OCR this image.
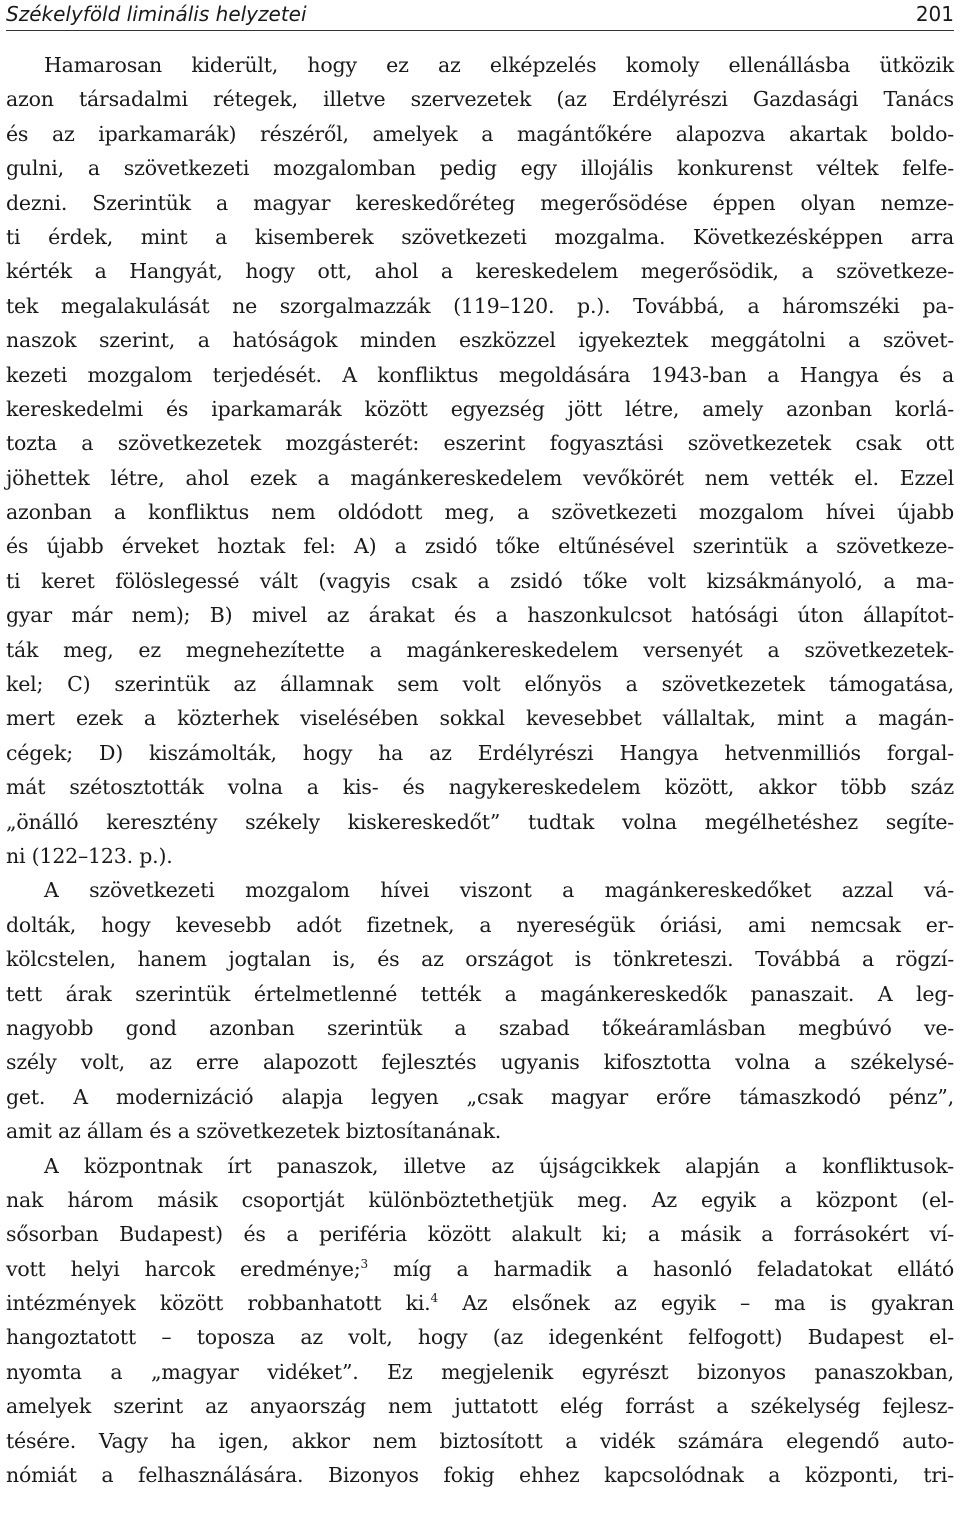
Székelyföld liminális helyzetei	201
Hamarosan kiderült, hogy ez az elképzelés komoly ellenállásba ütközik
azon társadalmi rétegek, illetve szervezetek (az Erdélyrészi Gazdasági Tanács
és az iparkamarák) részéről, amelyek a magántőkére alapozva akartak boldo-
gulni, a szövetkezeti mozgalomban pedig egy illojális konkurenst véltek felfe-
dezni. Szerintük a magyar kereskedőréteg megerősödése éppen olyan nemze-
ti érdek, mint a kisemberek szövetkezeti mozgalma. Következésképpen arra
kérték a Hangyát, hogy ott, ahol a kereskedelem megerősödik, a szövetkeze-
tek megalakulását ne szorgalmazzák (119–120. p.). Továbbá, a háromszéki pa-
naszok szerint, a hatóságok minden eszközzel igyekeztek meggátolni a szövet-
kezeti mozgalom terjedését. A konfliktus megoldására 1943-ban a Hangya és a
kereskedelmi és iparkamarák között egyezség jött létre, amely azonban korlá-
tozta a szövetkezetek mozgásterét: eszerint fogyasztási szövetkezetek csak ott
jöhettek létre, ahol ezek a magánkereskedelem vevőkörét nem vették el. Ezzel
azonban a konfliktus nem oldódott meg, a szövetkezeti mozgalom hívei újabb
és újabb érveket hoztak fel: A) a zsidó tőke eltűnésével szerintük a szövetkeze-
ti keret fölöslegessé vált (vagyis csak a zsidó tőke volt kizsákmányoló, a ma-
gyar már nem); B) mivel az árakat és a haszonkulcsot hatósági úton állapítot-
ták meg, ez megnehezítette a magánkereskedelem versenyét a szövetkezetek-
kel; C) szerintük az államnak sem volt előnyös a szövetkezetek támogatása,
mert ezek a közterhek viselésében sokkal kevesebbet vállaltak, mint a magán-
cégek; D) kiszámolták, hogy ha az Erdélyrészi Hangya hetvenmilliós forgal-
mát szétosztották volna a kis- és nagykereskedelem között, akkor több száz
„önálló keresztény székely kiskereskedőt” tudtak volna megélhetéshez segíte-
ni (122–123. p.).
A szövetkezeti mozgalom hívei viszont a magánkereskedőket azzal vá-
dolták, hogy kevesebb adót fizetnek, a nyereségük óriási, ami nemcsak er-
kölcstelen, hanem jogtalan is, és az országot is tönkreteszi. Továbbá a rögzí-
tett árak szerintük értelmetlenné tették a magánkereskedők panaszait. A leg-
nagyobb gond azonban szerintük a szabad tőkeáramlásban megbúvó ve-
szély volt, az erre alapozott fejlesztés ugyanis kifosztotta volna a székelysé-
get. A modernizáció alapja legyen „csak magyar erőre támaszkodó pénz”,
amit az állam és a szövetkezetek biztosítanának.
A központnak írt panaszok, illetve az újságcikkek alapján a konfliktusok-
nak három másik csoportját különböztethetjük meg. Az egyik a központ (el-
sősorban Budapest) és a periféria között alakult ki; a másik a forrásokért ví-
vott helyi harcok eredménye;$^3$ míg a harmadik a hasonló feladatokat ellátó
intézmények között robbanhatott ki.$^4$ Az elsőnek az egyik – ma is gyakran
hangoztatott – toposza az volt, hogy (az idegenként felfogott) Budapest el-
nyomta a „magyar vidéket”. Ez megjelenik egyrészt bizonyos panaszokban,
amelyek szerint az anyaország nem juttatott elég forrást a székelység fejlesz-
tésére. Vagy ha igen, akkor nem biztosított a vidék számára elegendő auto-
nómiát a felhasználására. Bizonyos fokig ehhez kapcsolódnak a központi, tri-
